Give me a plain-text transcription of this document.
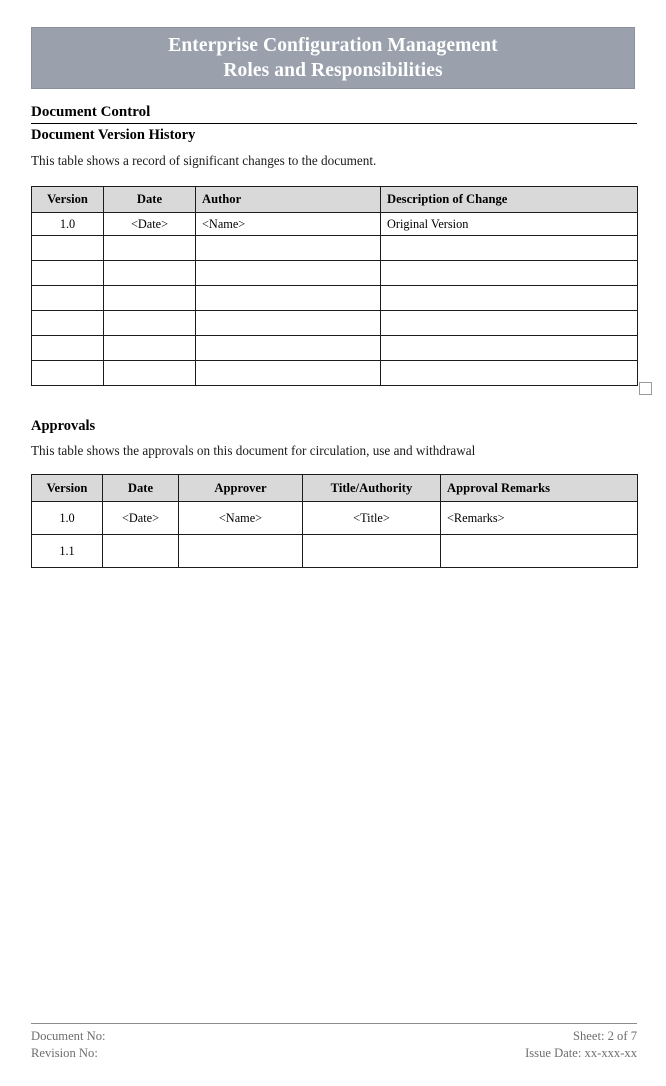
Enterprise Configuration Management
Roles and Responsibilities
Document Control
Document Version History
This table shows a record of significant changes to the document.
Version	Date	Author	Description of Change
1.0	<Date>	<Name>	Original Version

Approvals
This table shows the approvals on this document for circulation, use and withdrawal
Version	Date	Approver	Title/Authority	Approval Remarks
1.0	<Date>	<Name>	<Title>	<Remarks>
1.1				
Document No:	Sheet: 2 of 7
Revision No:	Issue Date: xx-xxx-xx
